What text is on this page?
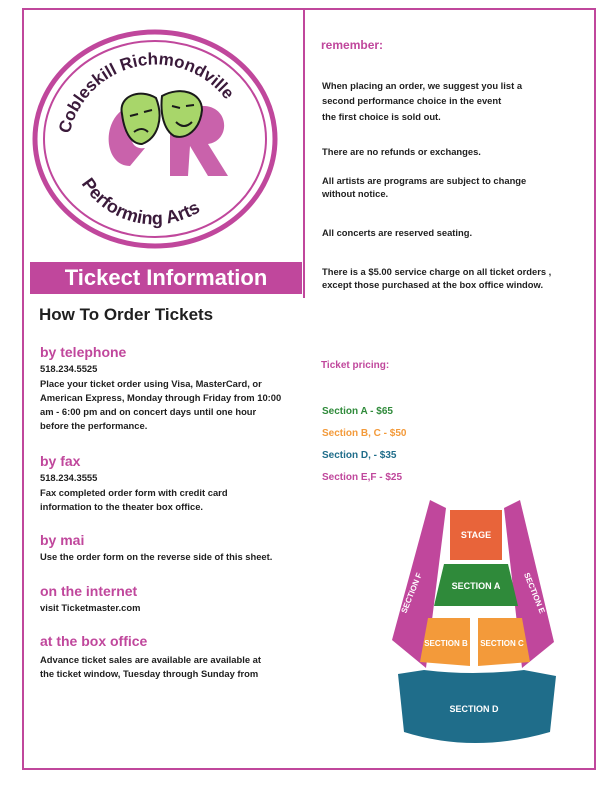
Cobleskill Richmondville
Performing Arts
Tickect Information
How To Order Tickets
by telephone
518.234.5525
Place your ticket order using Visa, MasterCard, or
American Express, Monday through Friday from 10:00
am - 6:00 pm and on concert days until one hour
before the performance.
by fax
518.234.3555
Fax completed order form with credit card
information to the theater box office.
by mai
Use the order form on the reverse side of this sheet.
on the internet
visit Ticketmaster.com
at the box office
Advance ticket sales are available are available at
the ticket window, Tuesday through Sunday from
remember:
When placing an order, we suggest you list a
second performance choice in the event
the first choice is sold out.
There are no refunds or exchanges.
All artists are programs are subject to change
without notice.
All concerts are reserved seating.
There is a $5.00 service charge on all ticket orders ,
except those purchased at the box office window.
Ticket pricing:
Section A - $65
Section B, C - $50
Section D, - $35
Section E,F - $25
STAGE
SECTION A
SECTION B SECTION C
SECTION D
SECTION F	SECTION E
